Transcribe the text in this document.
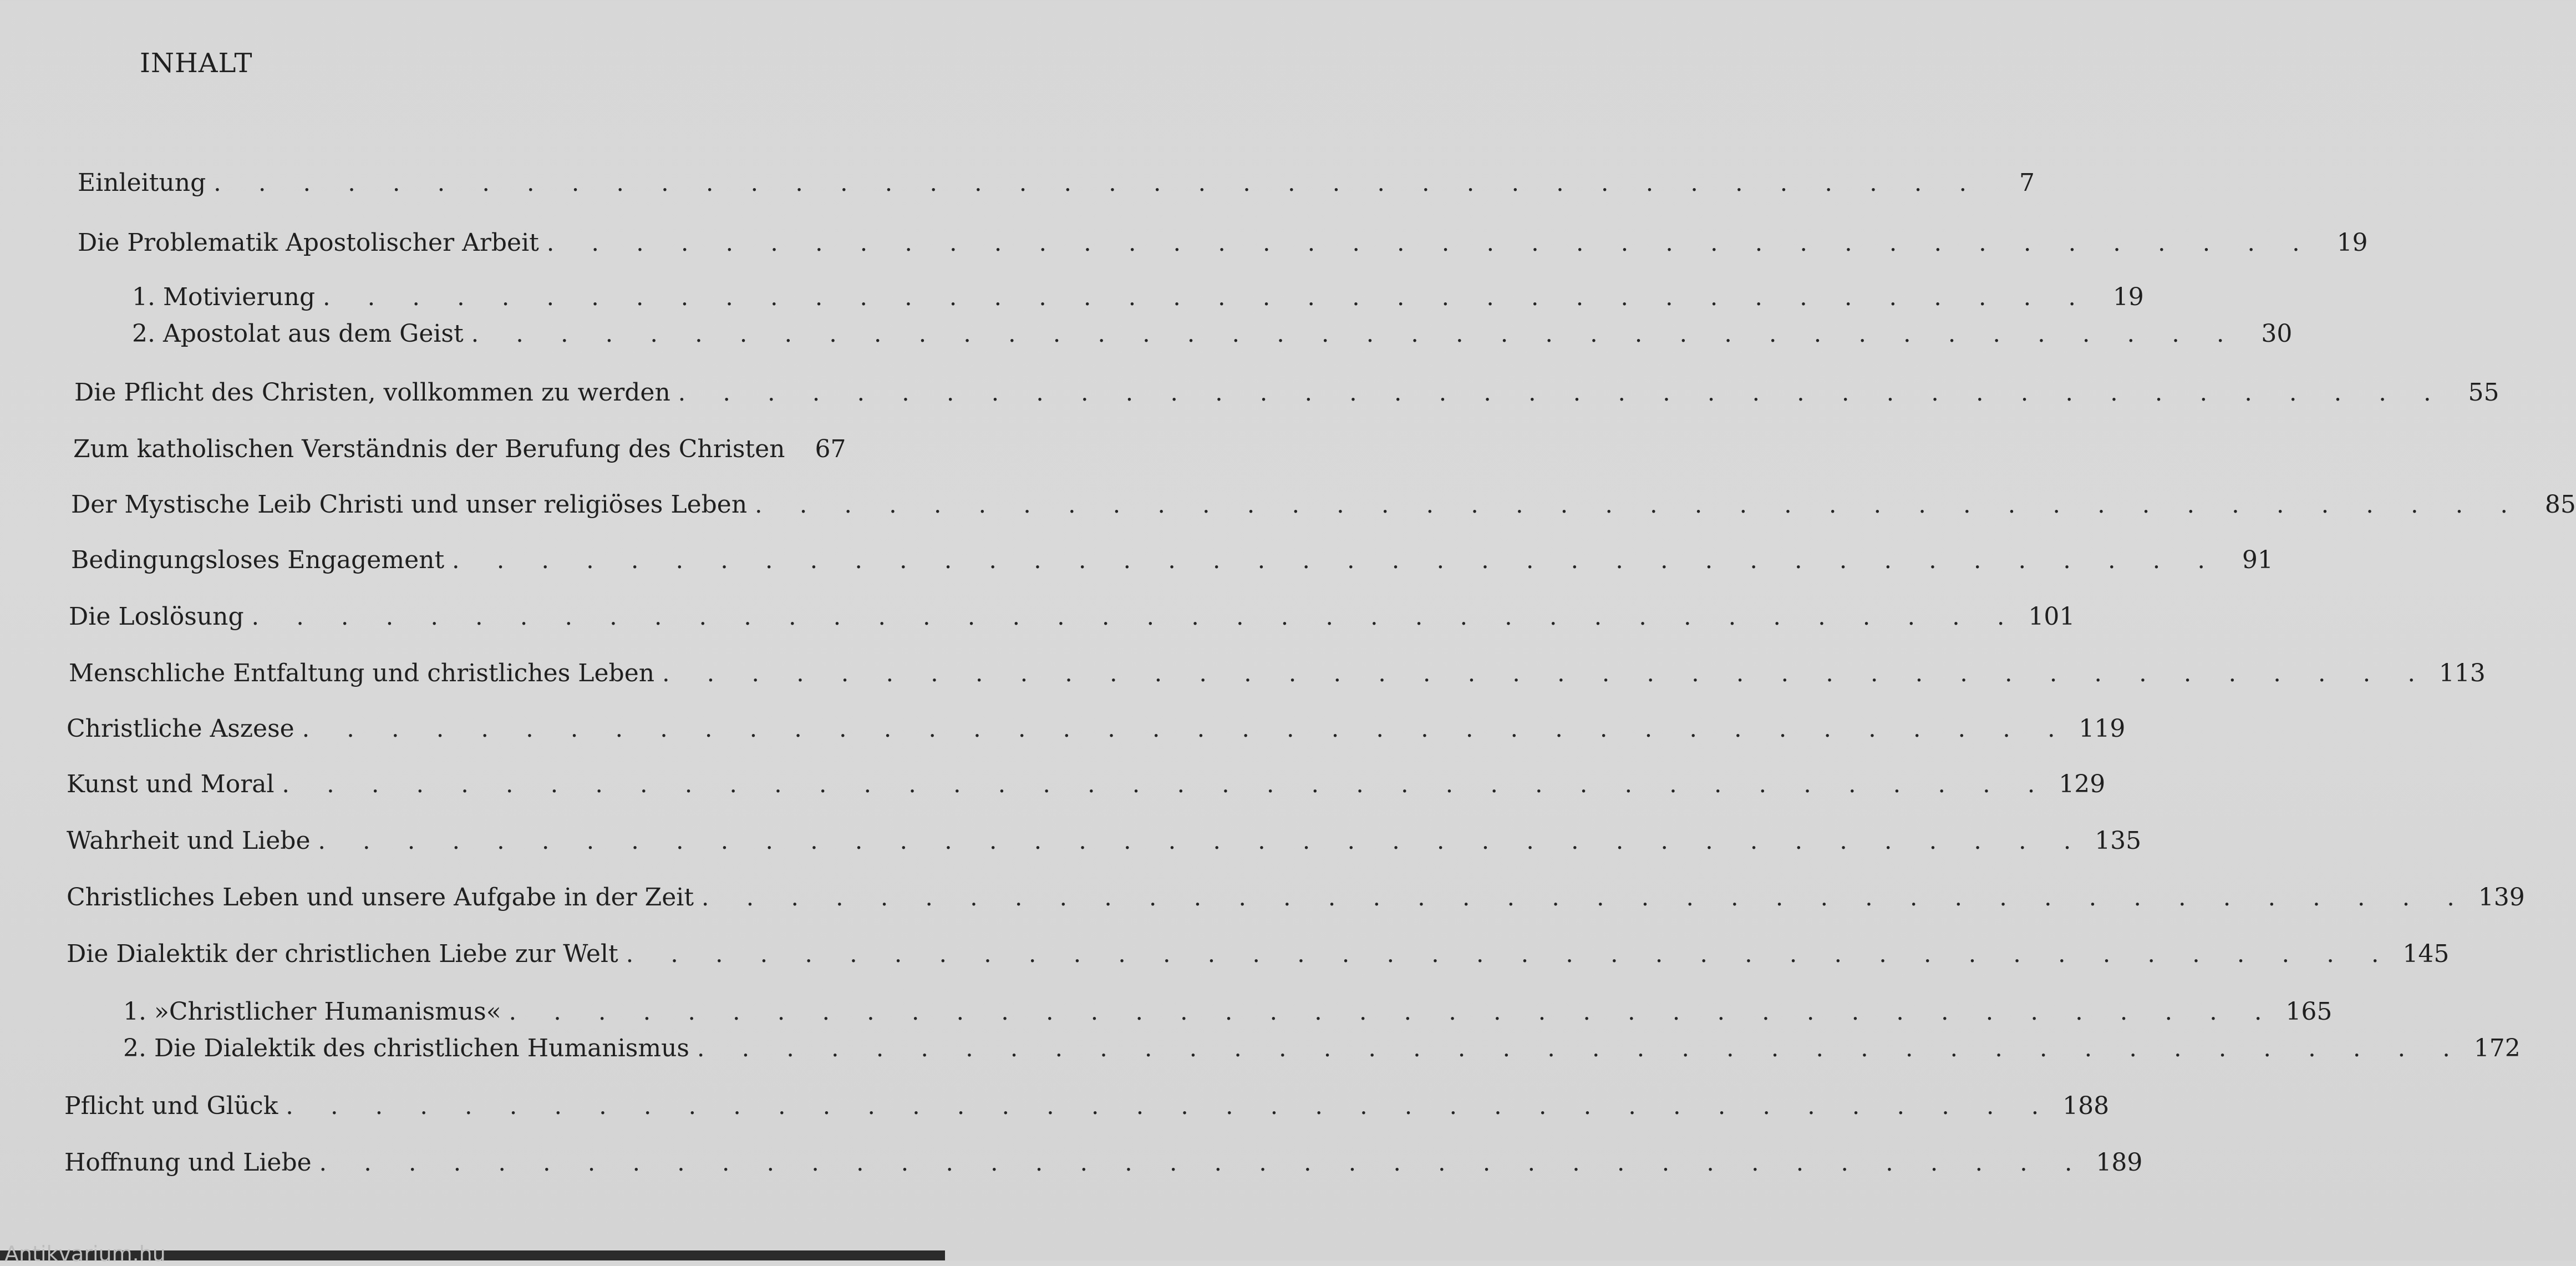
INHALT
Einleitung . . . . . . . . . . . . . . . . . . . . . . . . . . . . . . . . . . . . . . . .	7
Die Problematik Apostolischer Arbeit . . . . . . . . . . . . . . . . . . . . . . . . . . . . . . . . . . . . . . . . 19
1. Motivierung . . . . . . . . . . . . . . . . . . . . . . . . . . . . . . . . . . . . . . . . 19
2. Apostolat aus dem Geist . . . . . . . . . . . . . . . . . . . . . . . . . . . . . . . . . . . . . . . . 30
Die Pflicht des Christen, vollkommen zu werden . . . . . . . . . . . . . . . . . . . . . . . . . . . . . . . . . . . . . . . . 55
Zum katholischen Verständnis der Berufung des Christen	67
Der Mystische Leib Christi und unser religiöses Leben . . . . . . . . . . . . . . . . . . . . . . . . . . . . . . . . . . . . . . . . 85
Bedingungsloses Engagement . . . . . . . . . . . . . . . . . . . . . . . . . . . . . . . . . . . . . . . . 91
Die Loslösung . . . . . . . . . . . . . . . . . . . . . . . . . . . . . . . . . . . . . . . . 101
Menschliche Entfaltung und christliches Leben . . . . . . . . . . . . . . . . . . . . . . . . . . . . . . . . . . . . . . . . 113
Christliche Aszese . . . . . . . . . . . . . . . . . . . . . . . . . . . . . . . . . . . . . . . . 119
Kunst und Moral . . . . . . . . . . . . . . . . . . . . . . . . . . . . . . . . . . . . . . . . 129
Wahrheit und Liebe . . . . . . . . . . . . . . . . . . . . . . . . . . . . . . . . . . . . . . . . 135
Christliches Leben und unsere Aufgabe in der Zeit . . . . . . . . . . . . . . . . . . . . . . . . . . . . . . . . . . . . . . . . 139
Die Dialektik der christlichen Liebe zur Welt . . . . . . . . . . . . . . . . . . . . . . . . . . . . . . . . . . . . . . . . 145
1. »Christlicher Humanismus« . . . . . . . . . . . . . . . . . . . . . . . . . . . . . . . . . . . . . . . . 165
2. Die Dialektik des christlichen Humanismus . . . . . . . . . . . . . . . . . . . . . . . . . . . . . . . . . . . . . . . . 172
Pflicht und Glück . . . . . . . . . . . . . . . . . . . . . . . . . . . . . . . . . . . . . . . . 188
Hoffnung und Liebe . . . . . . . . . . . . . . . . . . . . . . . . . . . . . . . . . . . . . . . . 189
Antikvarium.hu
